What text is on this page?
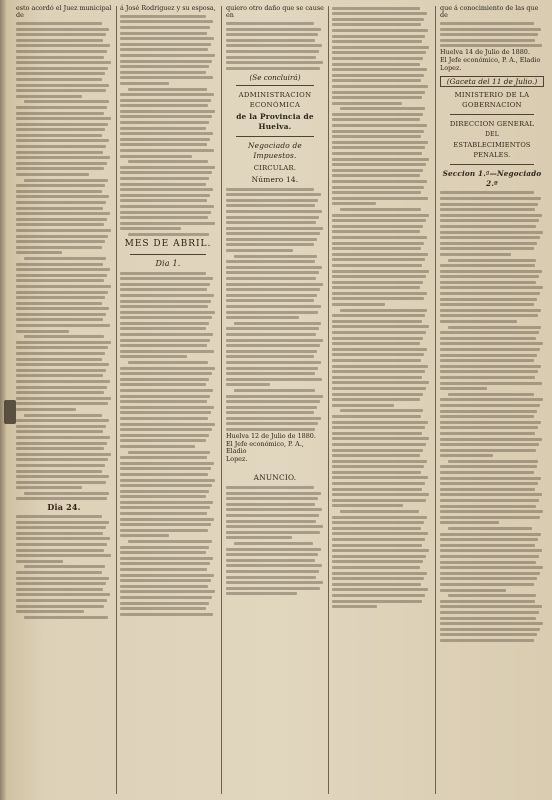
esto acordó el Juez municipal de
Dia 24.
á José Rodriguez y su esposa,
MES DE ABRIL.
Dia 1.
quiero otro daño que se cause en
(Se concluirá)
ADMINISTRACION ECONÓMICA
de la Provincia de Huelva.
Negociado de Impuestos.
CIRCULAR.
Número 14.
Huelva 12 de Julio de 1880.
El Jefe económico, P. A., Eladio
Lopez.
ANUNCIO.
que á conocimiento de las que de
Huelva 14 de Julio de 1880.
El Jefe económico, P. A., Eladio
Lopez.
(Gaceta del 11 de Julio.)
MINISTERIO DE LA GOBERNACION
DIRECCION GENERAL
DEL
ESTABLECIMIENTOS PENALES.
Seccion 1.ª—Negociado 2.º
